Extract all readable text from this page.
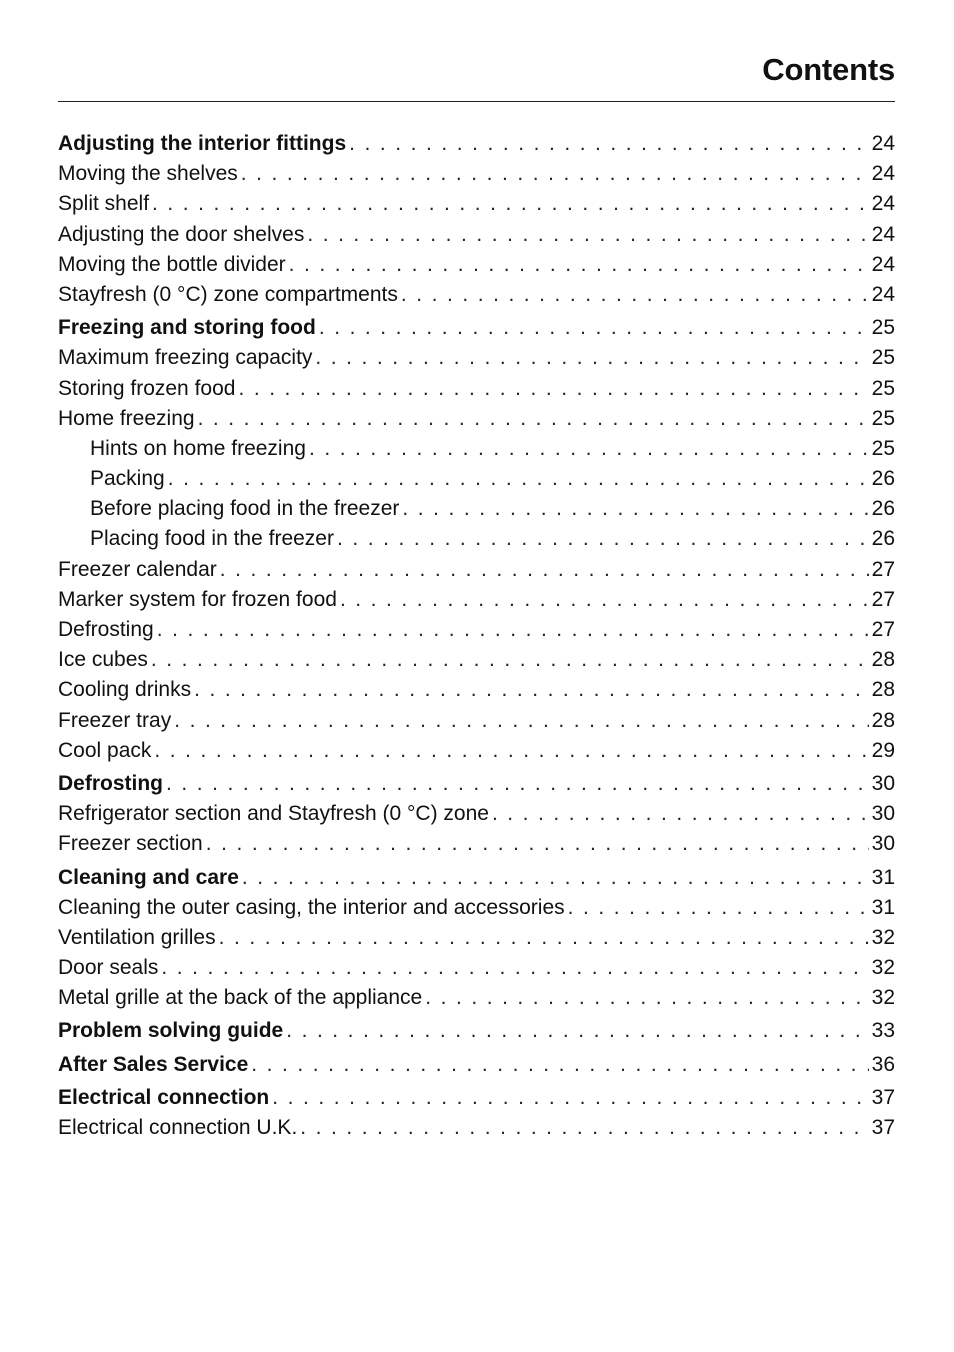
Contents
Adjusting the interior fittings . . .	24
Moving the shelves . . .	24
Split shelf . . .	24
Adjusting the door shelves . . .	24
Moving the bottle divider . . .	24
Stayfresh (0 °C) zone compartments . . .	24
Freezing and storing food . . .	25
Maximum freezing capacity . . .	25
Storing frozen food . . .	25
Home freezing . . .	25
Hints on home freezing . . .	25
Packing . . .	26
Before placing food in the freezer . . .	26
Placing food in the freezer . . .	26
Freezer calendar . . .	27
Marker system for frozen food . . .	27
Defrosting . . .	27
Ice cubes . . .	28
Cooling drinks . . .	28
Freezer tray . . .	28
Cool pack . . .	29
Defrosting . . .	30
Refrigerator section and Stayfresh (0 °C) zone . . .	30
Freezer section . . .	30
Cleaning and care . . .	31
Cleaning the outer casing, the interior and accessories . . .	31
Ventilation grilles . . .	32
Door seals . . .	32
Metal grille at the back of the appliance . . .	32
Problem solving guide . . .	33
After Sales Service . . .	36
Electrical connection . . .	37
Electrical connection U.K. . . .	37
